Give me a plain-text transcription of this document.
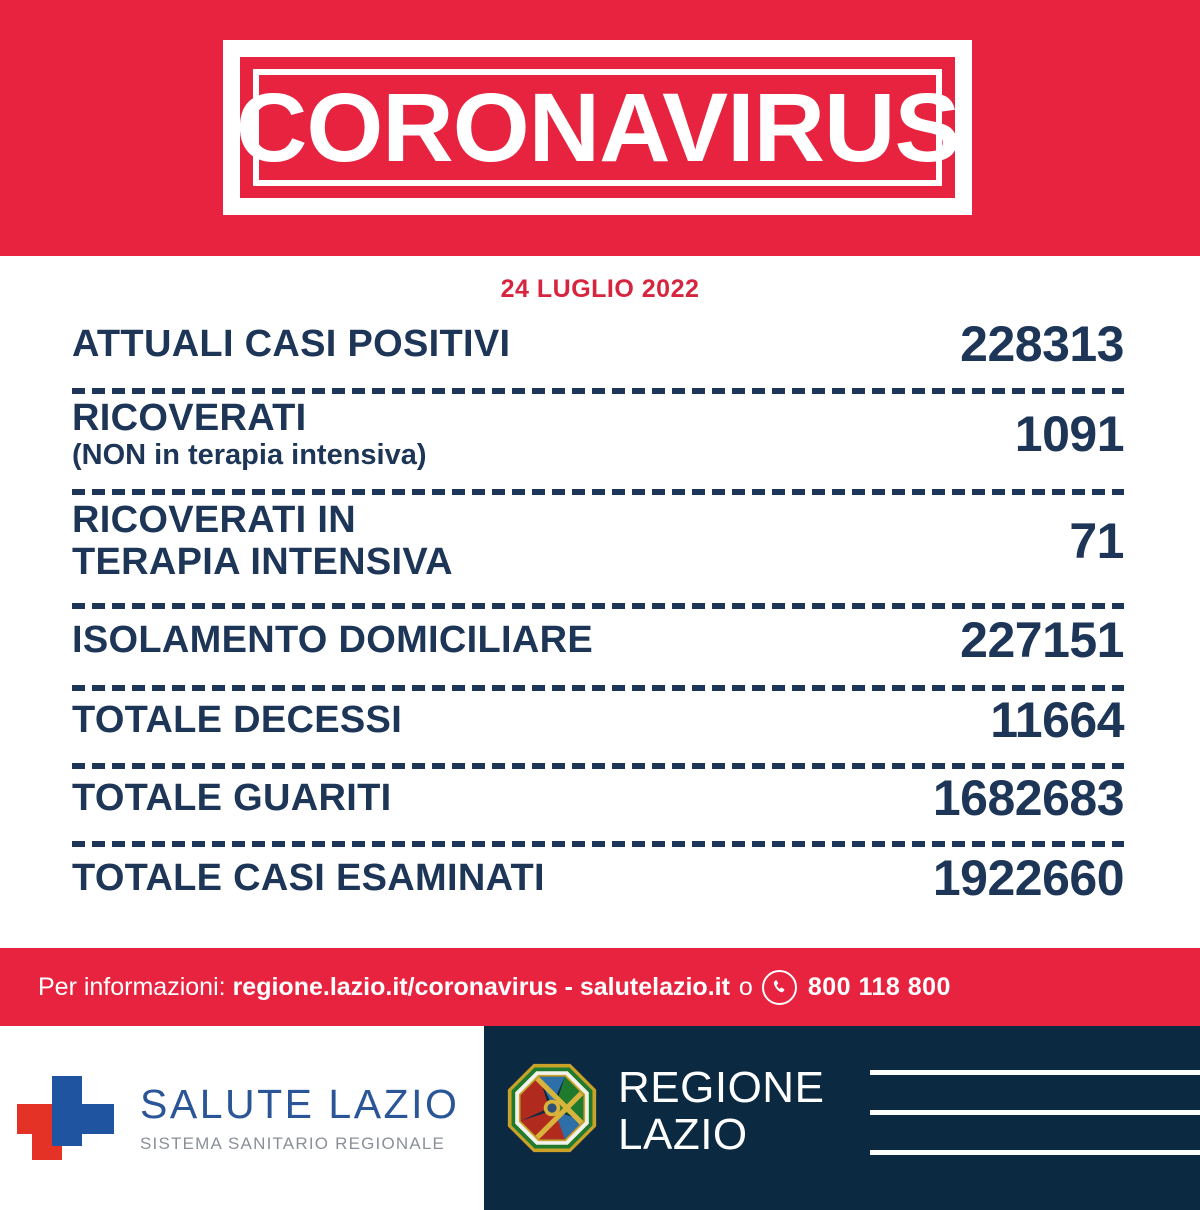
CORONAVIRUS
24 LUGLIO 2022
ATTUALI CASI POSITIVI	228313
RICOVERATI
(NON in terapia intensiva)	1091
RICOVERATI IN
TERAPIA INTENSIVA	71
ISOLAMENTO DOMICILIARE	227151
TOTALE DECESSI	11664
TOTALE GUARITI	1682683
TOTALE CASI ESAMINATI	1922660
Per informazioni: regione.lazio.it/coronavirus - salutelazio.it o 800 118 800
SALUTE LAZIO
SISTEMA SANITARIO REGIONALE
REGIONE
LAZIO
